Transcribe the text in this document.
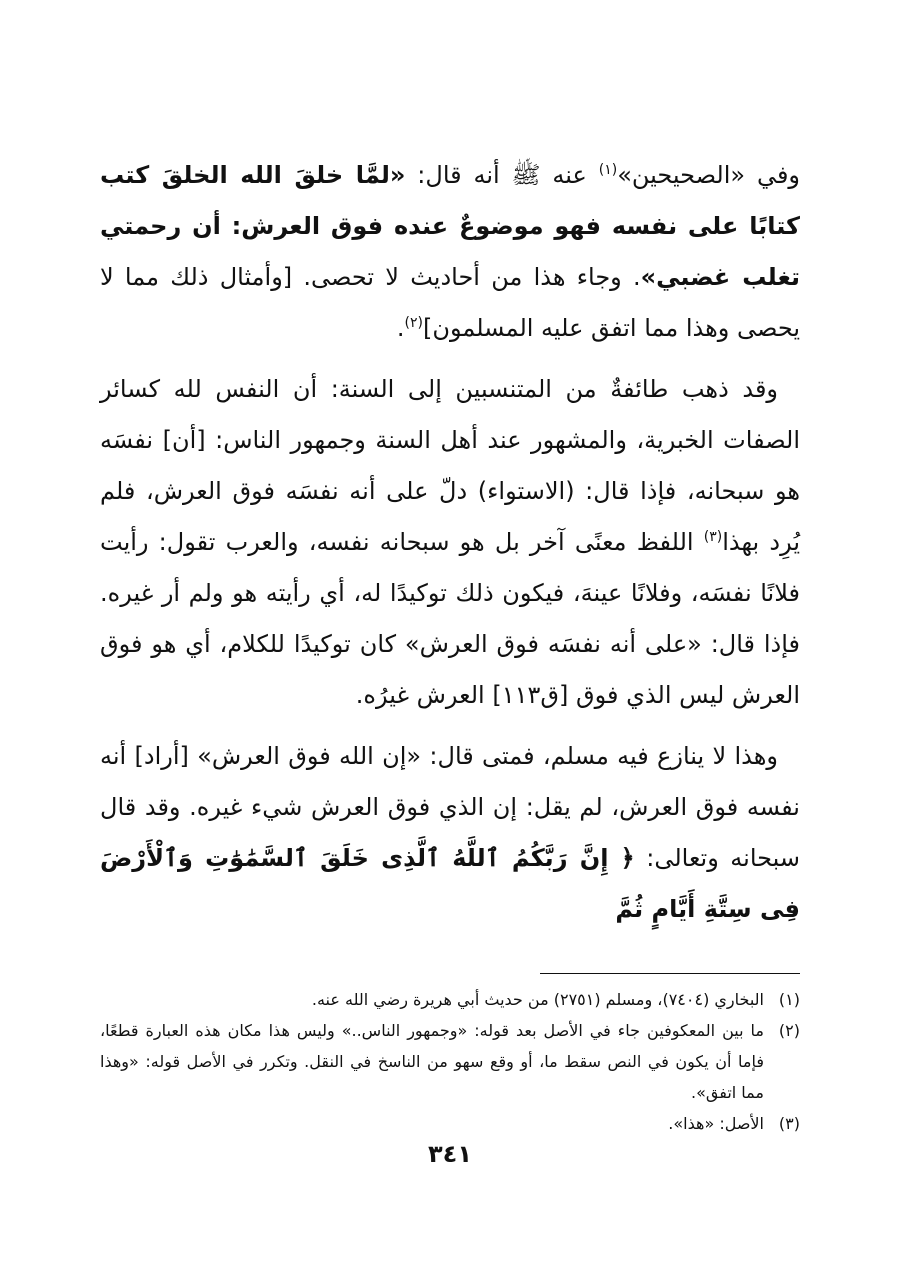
وفي «الصحيحين»$^{(١)}$ عنه ﷺ أنه قال: «لمَّا خلقَ الله الخلقَ كتب كتابًا على نفسه فهو موضوعٌ عنده فوق العرش: أن رحمتي تغلب غضبي». وجاء هذا من أحاديث لا تحصى. [وأمثال ذلك مما لا يحصى وهذا مما اتفق عليه المسلمون]$^{(٢)}$.

وقد ذهب طائفةٌ من المتنسبين إلى السنة: أن النفس لله كسائر الصفات الخبرية، والمشهور عند أهل السنة وجمهور الناس: [أن] نفسَه هو سبحانه، فإذا قال: (الاستواء) دلّ على أنه نفسَه فوق العرش، فلم يُرِد بهذا$^{(٣)}$ اللفظ معنًى آخر بل هو سبحانه نفسه، والعرب تقول: رأيت فلانًا نفسَه، وفلانًا عينهَ، فيكون ذلك توكيدًا له، أي رأيته هو ولم أر غيره. فإذا قال: «على أنه نفسَه فوق العرش» كان توكيدًا للكلام، أي هو فوق العرش ليس الذي فوق [ق١١٣] العرش غيرُه.

وهذا لا ينازع فيه مسلم، فمتى قال: «إن الله فوق العرش» [أراد] أنه نفسه فوق العرش، لم يقل: إن الذي فوق العرش شيء غيره. وقد قال سبحانه وتعالى: ﴿ إِنَّ رَبَّكُمُ ٱللَّهُ ٱلَّذِى خَلَقَ ٱلسَّمَٰوَٰتِ وَٱلْأَرْضَ فِى سِتَّةِ أَيَّامٍ ثُمَّ

(١)
البخاري (٧٤٠٤)، ومسلم (٢٧٥١) من حديث أبي هريرة رضي الله عنه.
(٢)
ما بين المعكوفين جاء في الأصل بعد قوله: «وجمهور الناس..» وليس هذا مكان هذه العبارة قطعًا، فإما أن يكون في النص سقط ما، أو وقع سهو من الناسخ في النقل. وتكرر في الأصل قوله: «وهذا مما اتفق».
(٣)
الأصل: «هذا».
٣٤١
